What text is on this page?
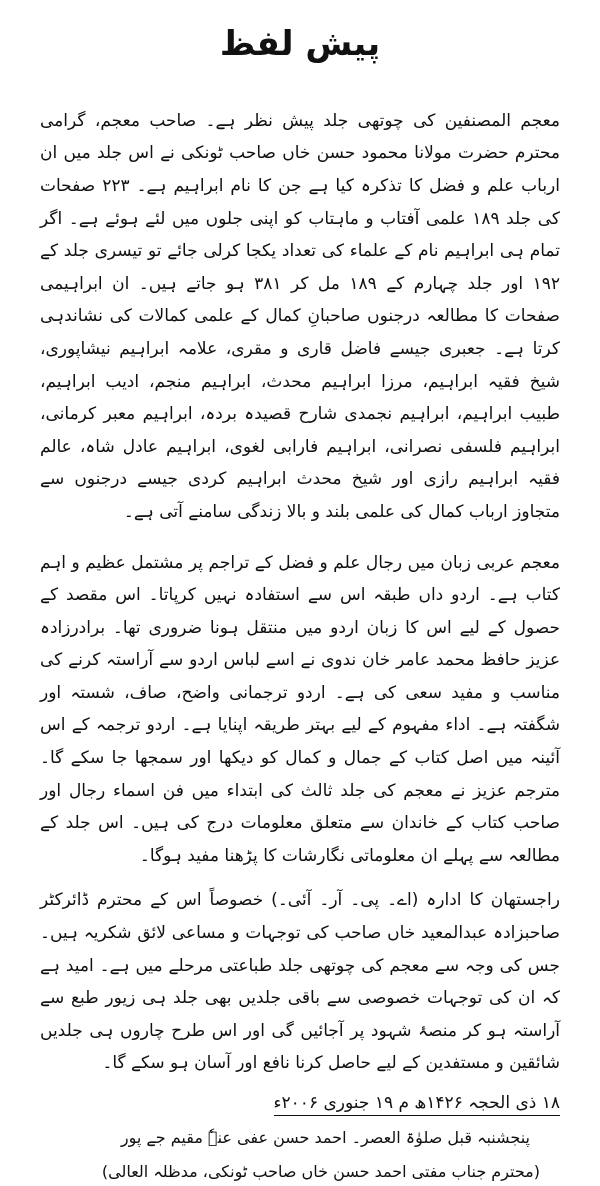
پیش لفظ

معجم المصنفین کی چوتھی جلد پیش نظر ہے۔ صاحب معجم، گرامی محترم حضرت مولانا محمود حسن خاں صاحب ٹونکی نے اس جلد میں ان ارباب علم و فضل کا تذکرہ کیا ہے جن کا نام ابراہیم ہے۔ ۲۲۳ صفحات کی جلد ۱۸۹ علمی آفتاب و ماہتاب کو اپنی جلوں میں لئے ہوئے ہے۔ اگر تمام ہی ابراہیم نام کے علماء کی تعداد یکجا کرلی جائے تو تیسری جلد کے ۱۹۲ اور جلد چہارم کے ۱۸۹ مل کر ۳۸۱ ہو جاتے ہیں۔ ان ابراہیمی صفحات کا مطالعہ درجنوں صاحبانِ کمال کے علمی کمالات کی نشاندہی کرتا ہے۔ جعبری جیسے فاضل قاری و مقری، علامہ ابراہیم نیشاپوری، شیخ فقیہ ابراہیم، مرزا ابراہیم محدث، ابراہیم منجم، ادیب ابراہیم، طبیب ابراہیم، ابراہیم نجمدی شارح قصیدہ بردہ، ابراہیم معبر کرمانی، ابراہیم فلسفی نصرانی، ابراہیم فارابی لغوی، ابراہیم عادل شاہ، عالم فقیہ ابراہیم رازی اور شیخ محدث ابراہیم کردی جیسے درجنوں سے متجاوز ارباب کمال کی علمی بلند و بالا زندگی سامنے آتی ہے۔

معجم عربی زبان میں رجال علم و فضل کے تراجم پر مشتمل عظیم و اہم کتاب ہے۔ اردو داں طبقہ اس سے استفادہ نہیں کرپاتا۔ اس مقصد کے حصول کے لیے اس کا زبان اردو میں منتقل ہونا ضروری تھا۔ برادرزادہ عزیز حافظ محمد عامر خان ندوی نے اسے لباس اردو سے آراستہ کرنے کی مناسب و مفید سعی کی ہے۔ اردو ترجمانی واضح، صاف، شستہ اور شگفتہ ہے۔ اداء مفہوم کے لیے بہتر طریقہ اپنایا ہے۔ اردو ترجمہ کے اس آئینہ میں اصل کتاب کے جمال و کمال کو دیکھا اور سمجھا جا سکے گا۔ مترجم عزیز نے معجم کی جلد ثالث کی ابتداء میں فن اسماء رجال اور صاحب کتاب کے خاندان سے متعلق معلومات درج کی ہیں۔ اس جلد کے مطالعہ سے پہلے ان معلوماتی نگارشات کا پڑھنا مفید ہوگا۔

راجستھان کا ادارہ (اے۔ پی۔ آر۔ آئی۔) خصوصاً اس کے محترم ڈائرکٹر صاحبزادہ عبدالمعید خاں صاحب کی توجہات و مساعی لائق شکریہ ہیں۔ جس کی وجہ سے معجم کی چوتھی جلد طباعتی مرحلے میں ہے۔ امید ہے کہ ان کی توجہات خصوصی سے باقی جلدیں بھی جلد ہی زیور طبع سے آراستہ ہو کر منصۂ شہود پر آجائیں گی اور اس طرح چاروں ہی جلدیں شائقین و مستفدین کے لیے حاصل کرنا نافع اور آسان ہو سکے گا۔

۱۸ ذی الحجہ ۱۴۲۶ھ م ۱۹ جنوری ۲۰۰۶ء
پنجشنبہ قبل صلوٰۃ العصر۔ احمد حسن عفی عنہٗ مقیم جے پور
(محترم جناب مفتی احمد حسن خاں صاحب ٹونکی، مدظلہ العالی)
